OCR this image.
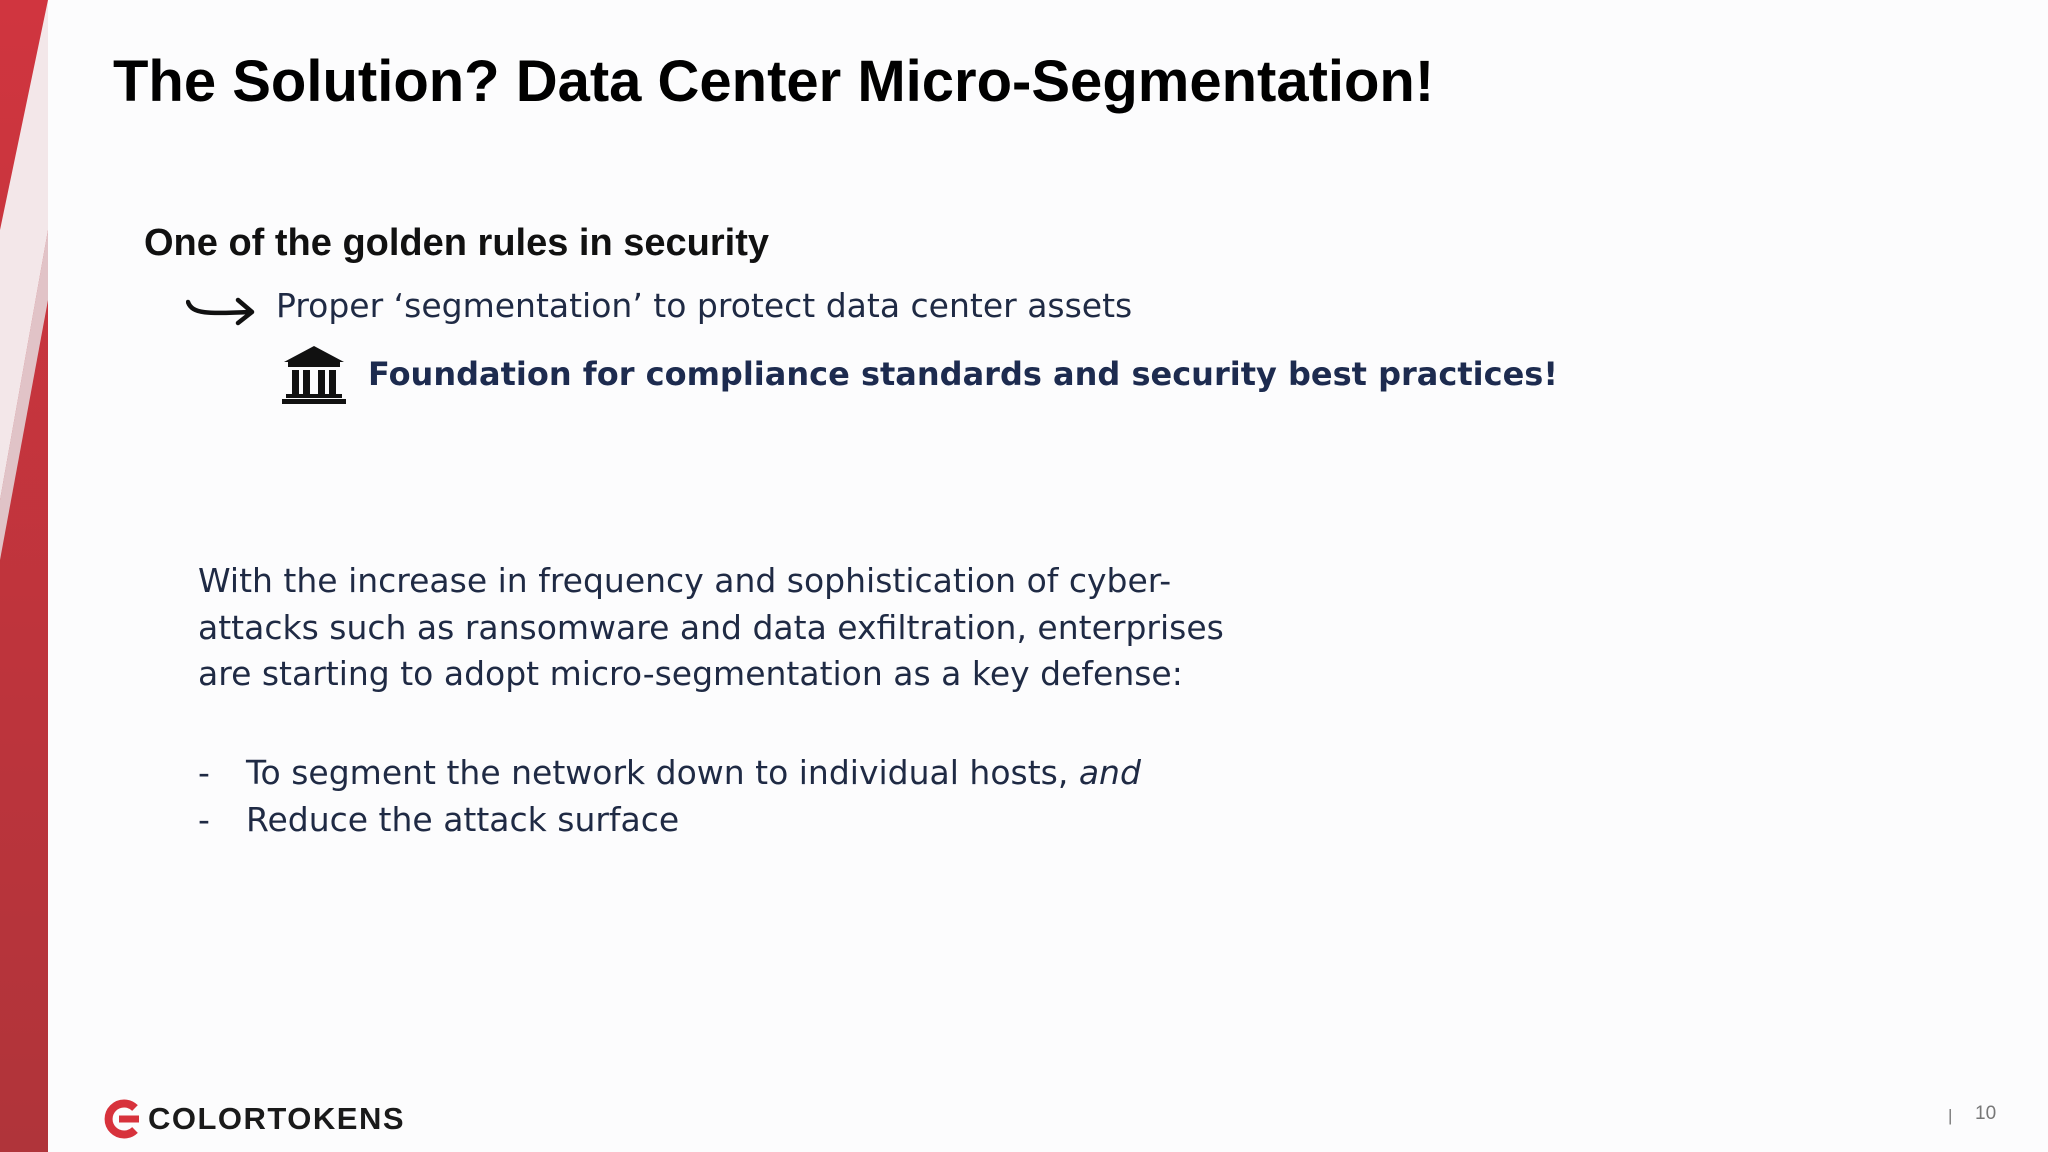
The Solution? Data Center Micro-Segmentation!
One of the golden rules in security
Proper ‘segmentation’ to protect data center assets
Foundation for compliance standards and security best practices!
With the increase in frequency and sophistication of cyber-
attacks such as ransomware and data exfiltration, enterprises
are starting to adopt micro-segmentation as a key defense:
-	To segment the network down to individual hosts, and
-	Reduce the attack surface
COLORTOKENS	| 10
